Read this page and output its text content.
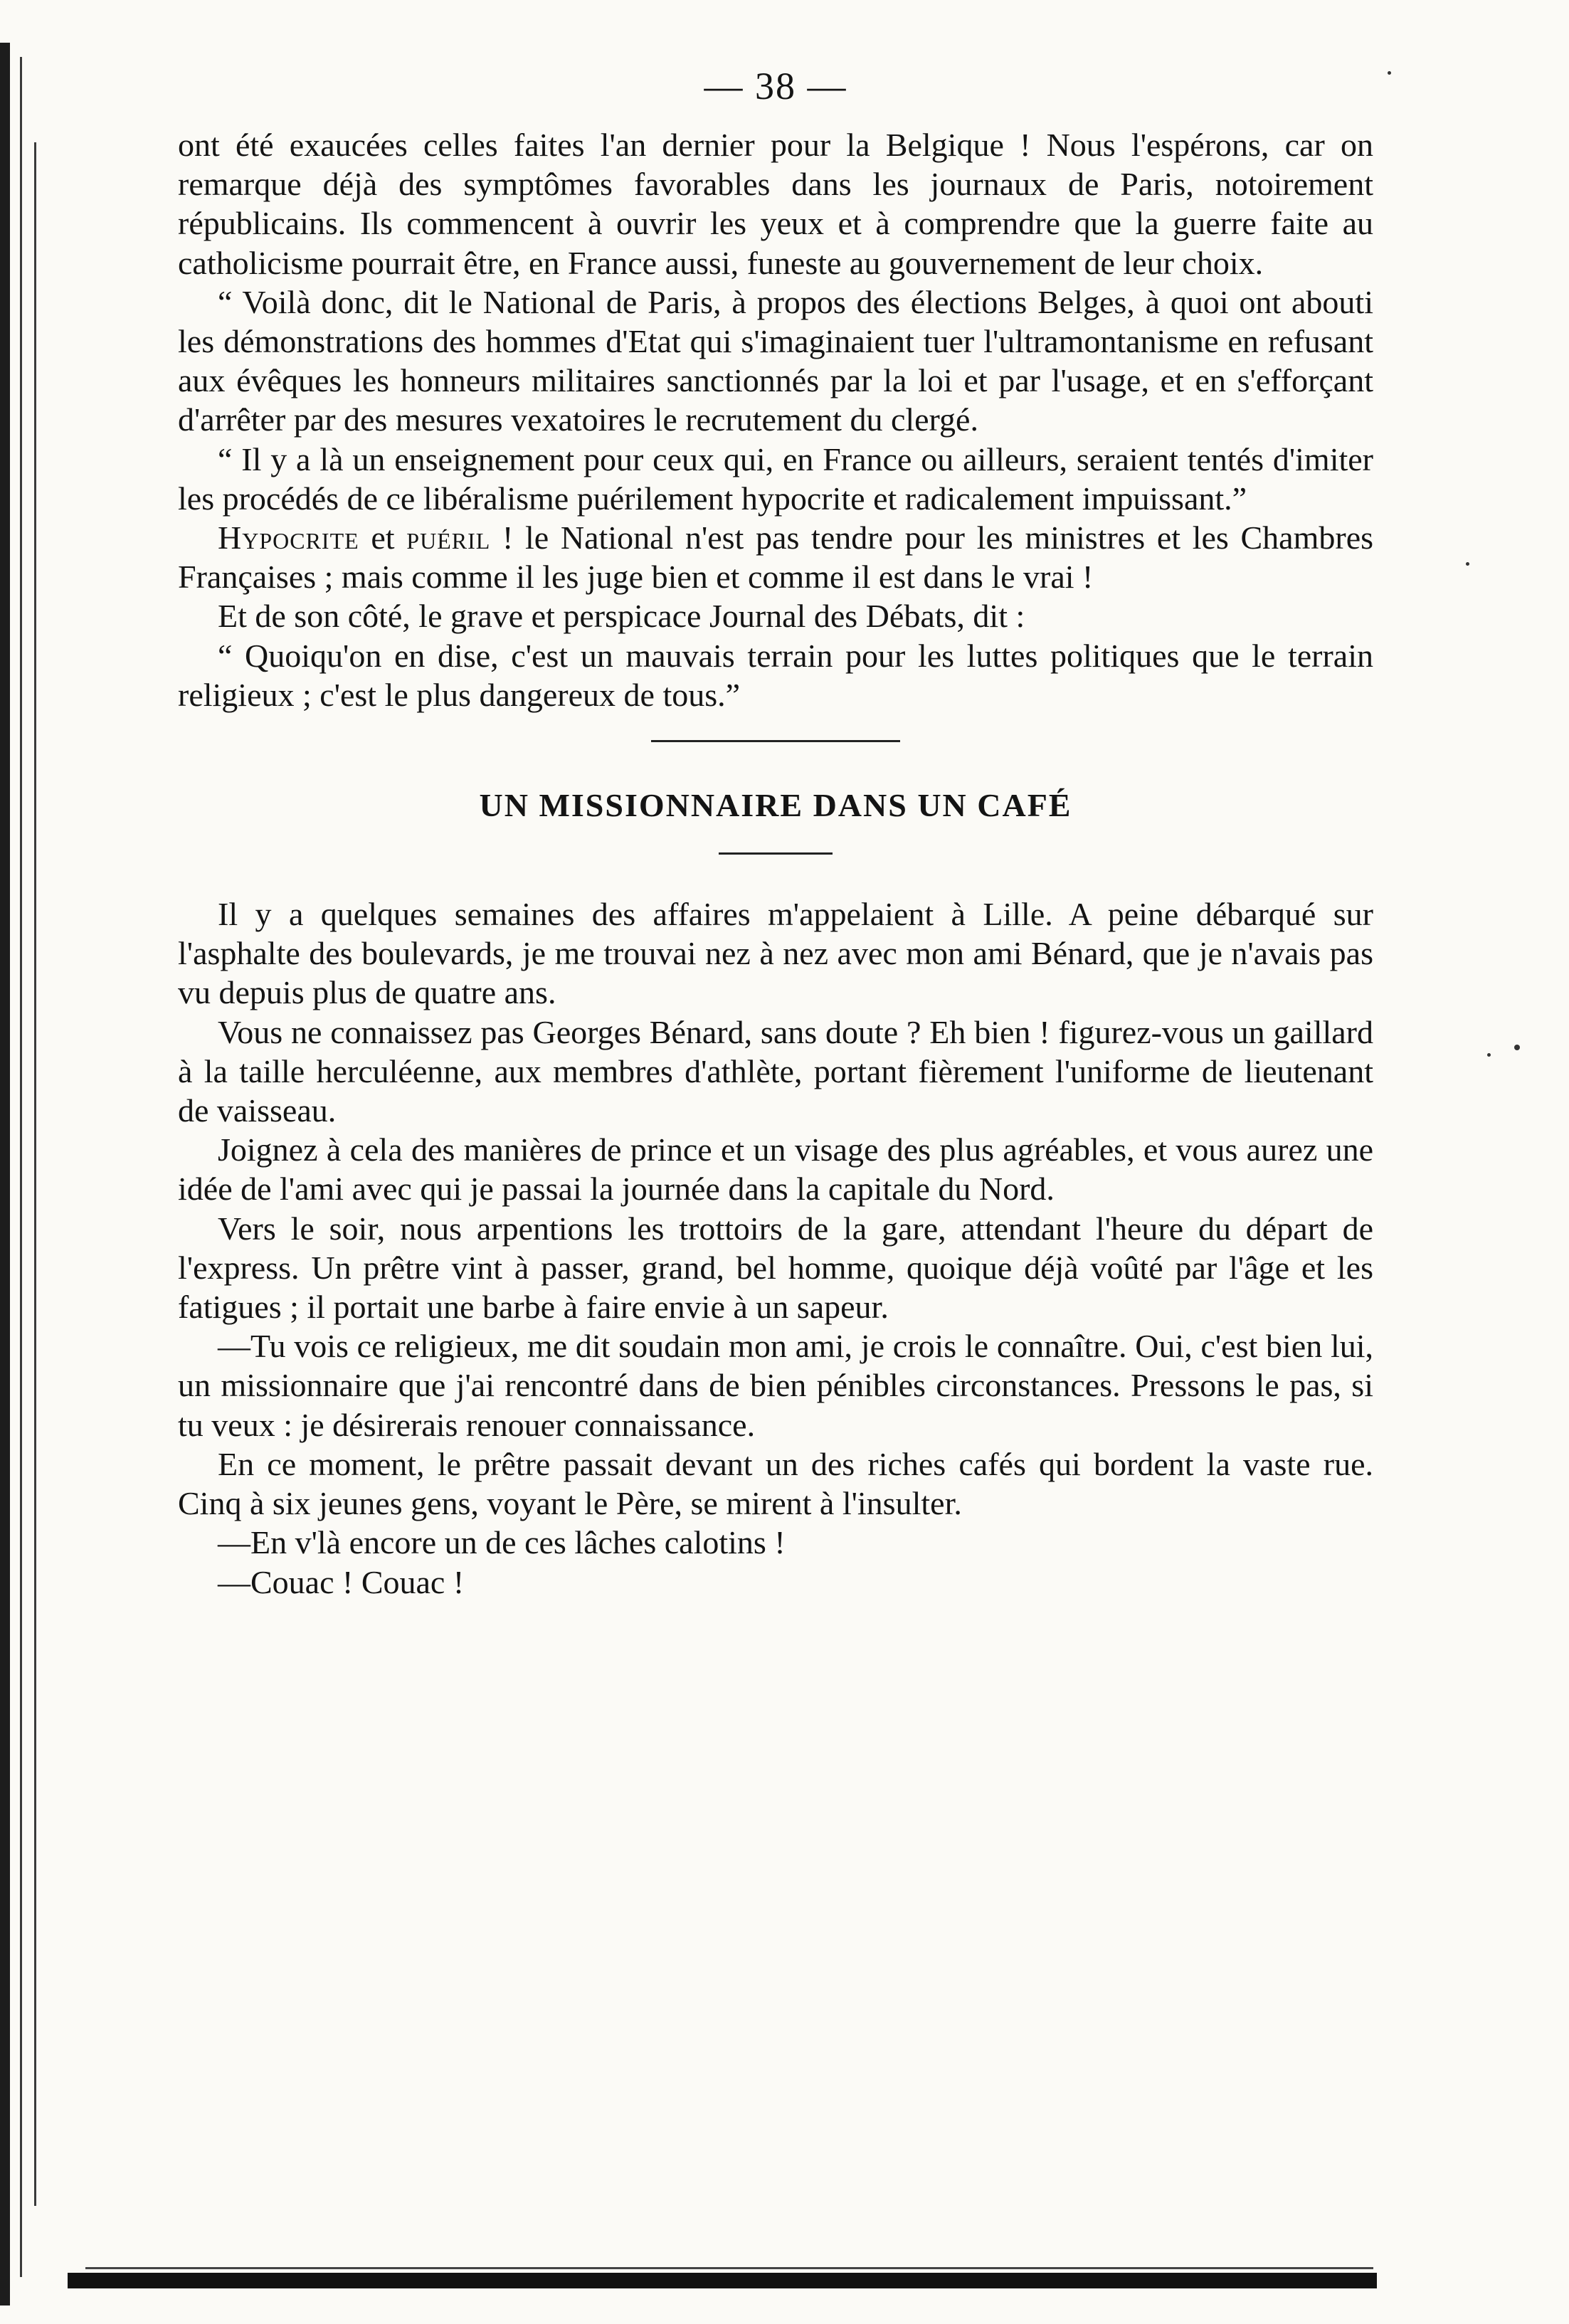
— 38 —

ont été exaucées celles faites l'an dernier pour la Belgique ! Nous l'espérons, car on remarque déjà des symptômes favorables dans les journaux de Paris, notoirement républicains. Ils commencent à ouvrir les yeux et à comprendre que la guerre faite au catholicisme pourrait être, en France aussi, funeste au gouvernement de leur choix.

“ Voilà donc, dit le National de Paris, à propos des élections Belges, à quoi ont abouti les démonstrations des hommes d'Etat qui s'imaginaient tuer l'ultramontanisme en refusant aux évêques les honneurs militaires sanctionnés par la loi et par l'usage, et en s'efforçant d'arrêter par des mesures vexatoires le recrutement du clergé.

“ Il y a là un enseignement pour ceux qui, en France ou ailleurs, seraient tentés d'imiter les procédés de ce libéralisme puérilement hypocrite et radicalement impuissant.”

Hypocrite et puéril ! le National n'est pas tendre pour les ministres et les Chambres Françaises ; mais comme il les juge bien et comme il est dans le vrai !

Et de son côté, le grave et perspicace Journal des Débats, dit :

“ Quoiqu'on en dise, c'est un mauvais terrain pour les luttes politiques que le terrain religieux ; c'est le plus dangereux de tous.”

UN MISSIONNAIRE DANS UN CAFÉ

Il y a quelques semaines des affaires m'appelaient à Lille. A peine débarqué sur l'asphalte des boulevards, je me trouvai nez à nez avec mon ami Bénard, que je n'avais pas vu depuis plus de quatre ans.

Vous ne connaissez pas Georges Bénard, sans doute ? Eh bien ! figurez-vous un gaillard à la taille herculéenne, aux membres d'athlète, portant fièrement l'uniforme de lieutenant de vaisseau.

Joignez à cela des manières de prince et un visage des plus agréables, et vous aurez une idée de l'ami avec qui je passai la journée dans la capitale du Nord.

Vers le soir, nous arpentions les trottoirs de la gare, attendant l'heure du départ de l'express. Un prêtre vint à passer, grand, bel homme, quoique déjà voûté par l'âge et les fatigues ; il portait une barbe à faire envie à un sapeur.

—Tu vois ce religieux, me dit soudain mon ami, je crois le connaître. Oui, c'est bien lui, un missionnaire que j'ai rencontré dans de bien pénibles circonstances. Pressons le pas, si tu veux : je désirerais renouer connaissance.

En ce moment, le prêtre passait devant un des riches cafés qui bordent la vaste rue. Cinq à six jeunes gens, voyant le Père, se mirent à l'insulter.

—En v'là encore un de ces lâches calotins !

—Couac ! Couac !
